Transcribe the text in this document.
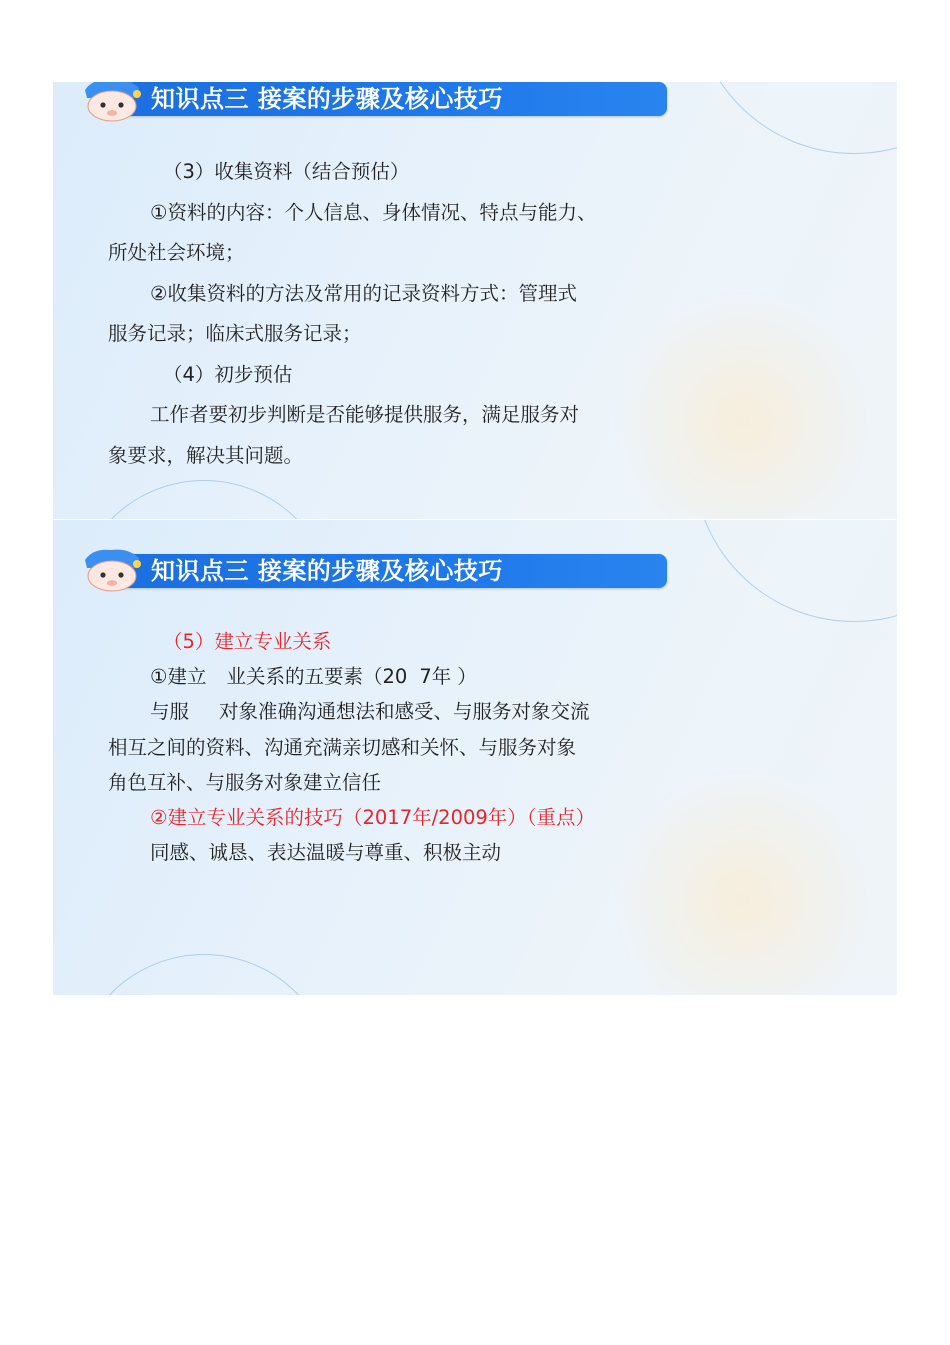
知识点三 接案的步骤及核心技巧

（3）收集资料（结合预估）

①资料的内容：个人信息、身体情况、特点与能力、

所处社会环境；

②收集资料的方法及常用的记录资料方式：管理式

服务记录；临床式服务记录；

（4）初步预估

工作者要初步判断是否能够提供服务，满足服务对

象要求，解决其问题。

知识点三 接案的步骤及核心技巧

（5）建立专业关系

①建立 业关系的五要素（20 7年 ）

与服 对象准确沟通想法和感受、与服务对象交流

相互之间的资料、沟通充满亲切感和关怀、与服务对象

角色互补、与服务对象建立信任

②建立专业关系的技巧（2017年/2009年）（重点）

同感、诚恳、表达温暖与尊重、积极主动
